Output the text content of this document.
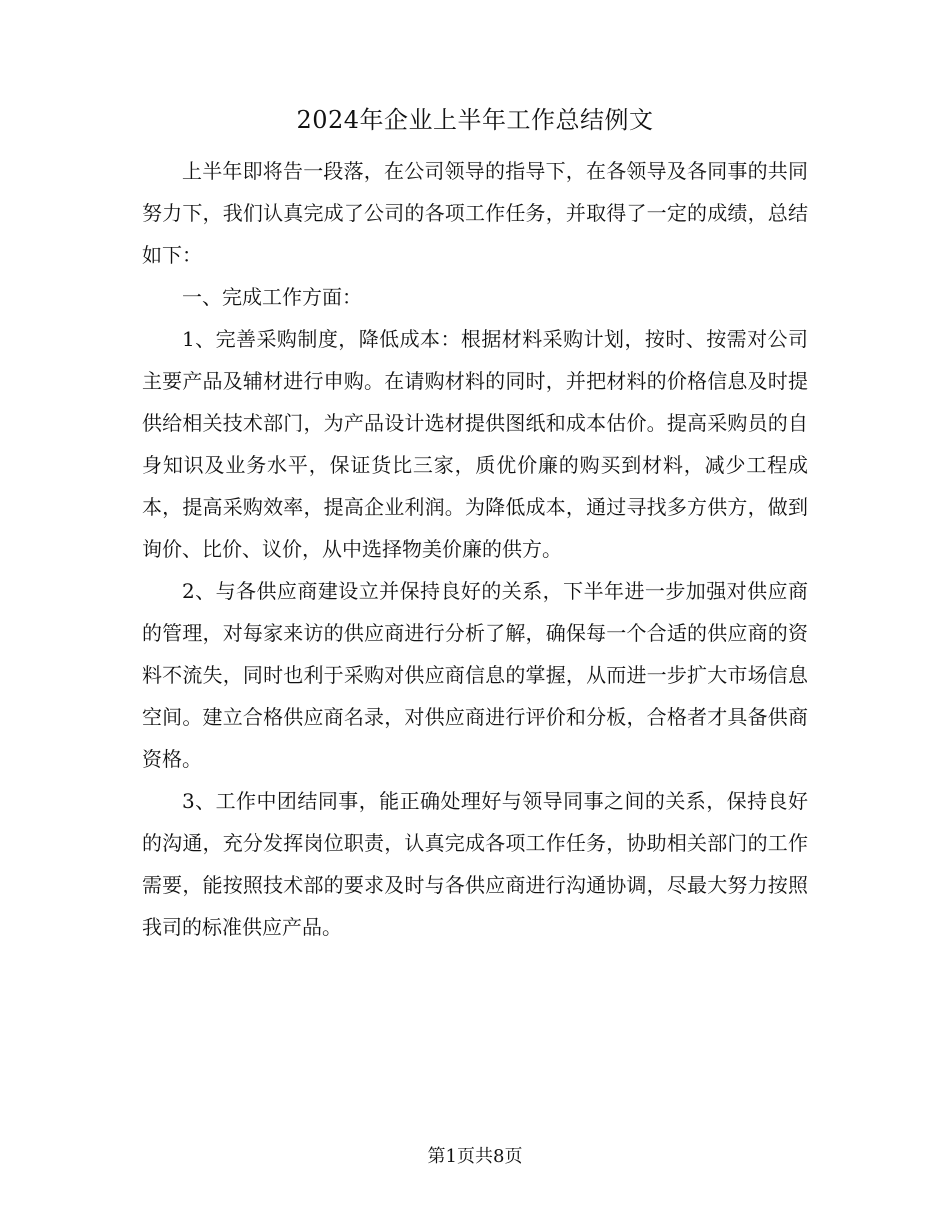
2024年企业上半年工作总结例文

上半年即将告一段落，在公司领导的指导下，在各领导及各同事的共同努力下，我们认真完成了公司的各项工作任务，并取得了一定的成绩，总结如下：

一、完成工作方面：

1、完善采购制度，降低成本：根据材料采购计划，按时、按需对公司主要产品及辅材进行申购。在请购材料的同时，并把材料的价格信息及时提供给相关技术部门，为产品设计选材提供图纸和成本估价。提高采购员的自身知识及业务水平，保证货比三家，质优价廉的购买到材料，减少工程成本，提高采购效率，提高企业利润。为降低成本，通过寻找多方供方，做到询价、比价、议价，从中选择物美价廉的供方。

2、与各供应商建设立并保持良好的关系，下半年进一步加强对供应商的管理，对每家来访的供应商进行分析了解，确保每一个合适的供应商的资料不流失，同时也利于采购对供应商信息的掌握，从而进一步扩大市场信息空间。建立合格供应商名录，对供应商进行评价和分板，合格者才具备供商资格。

3、工作中团结同事，能正确处理好与领导同事之间的关系，保持良好的沟通，充分发挥岗位职责，认真完成各项工作任务，协助相关部门的工作需要，能按照技术部的要求及时与各供应商进行沟通协调，尽最大努力按照我司的标准供应产品。

第1页共8页
